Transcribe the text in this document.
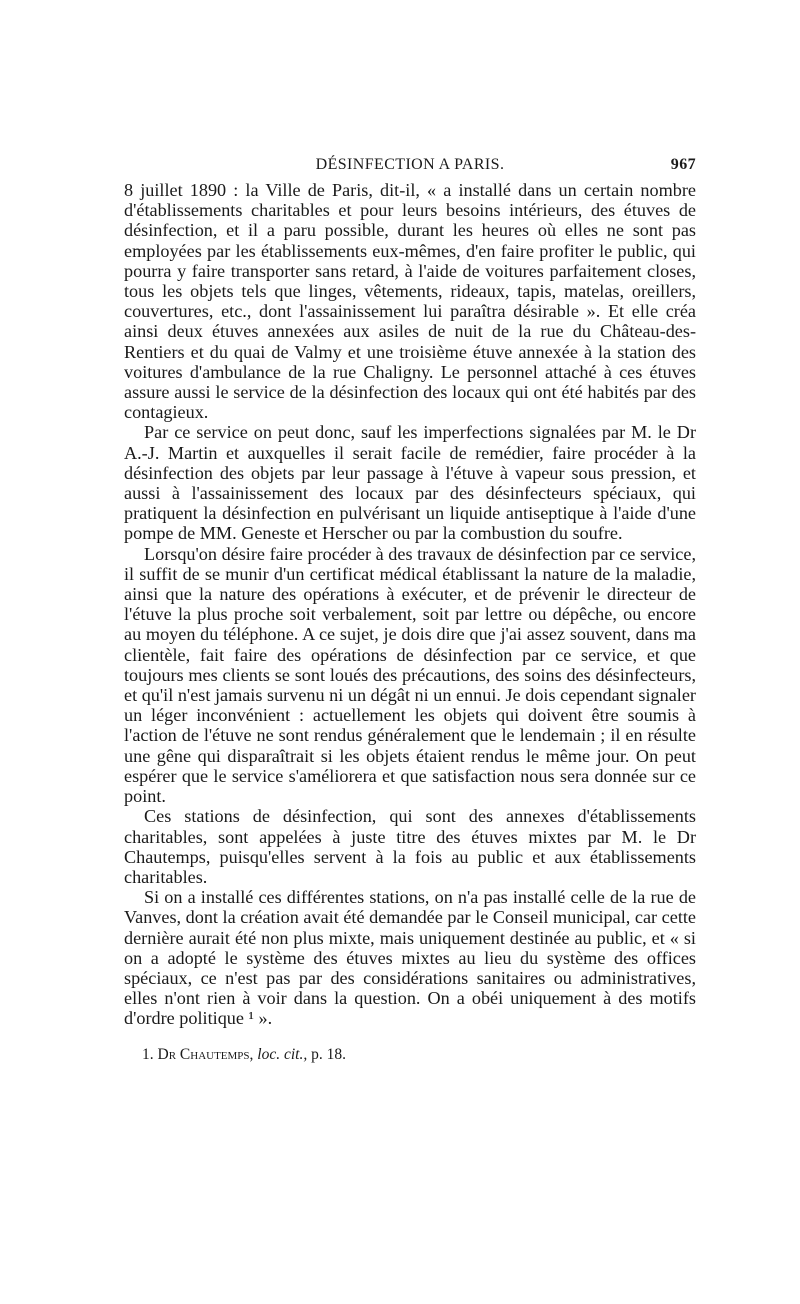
DÉSINFECTION A PARIS.	967

8 juillet 1890 : la Ville de Paris, dit-il, « a installé dans un certain nombre d'établissements charitables et pour leurs besoins intérieurs, des étuves de désinfection, et il a paru possible, durant les heures où elles ne sont pas employées par les établissements eux-mêmes, d'en faire profiter le public, qui pourra y faire transporter sans retard, à l'aide de voitures parfaitement closes, tous les objets tels que linges, vêtements, rideaux, tapis, matelas, oreillers, couvertures, etc., dont l'assainissement lui paraîtra désirable ». Et elle créa ainsi deux étuves annexées aux asiles de nuit de la rue du Château-des-Rentiers et du quai de Valmy et une troisième étuve annexée à la station des voitures d'ambulance de la rue Chaligny. Le personnel attaché à ces étuves assure aussi le service de la désinfection des locaux qui ont été habités par des contagieux.

Par ce service on peut donc, sauf les imperfections signalées par M. le Dr A.-J. Martin et auxquelles il serait facile de remédier, faire procéder à la désinfection des objets par leur passage à l'étuve à vapeur sous pression, et aussi à l'assainissement des locaux par des désinfecteurs spéciaux, qui pratiquent la désinfection en pulvérisant un liquide antiseptique à l'aide d'une pompe de MM. Geneste et Herscher ou par la combustion du soufre.

Lorsqu'on désire faire procéder à des travaux de désinfection par ce service, il suffit de se munir d'un certificat médical établissant la nature de la maladie, ainsi que la nature des opérations à exécuter, et de prévenir le directeur de l'étuve la plus proche soit verbalement, soit par lettre ou dépêche, ou encore au moyen du téléphone. A ce sujet, je dois dire que j'ai assez souvent, dans ma clientèle, fait faire des opérations de désinfection par ce service, et que toujours mes clients se sont loués des précautions, des soins des désinfecteurs, et qu'il n'est jamais survenu ni un dégât ni un ennui. Je dois cependant signaler un léger inconvénient : actuellement les objets qui doivent être soumis à l'action de l'étuve ne sont rendus généralement que le lendemain ; il en résulte une gêne qui disparaîtrait si les objets étaient rendus le même jour. On peut espérer que le service s'améliorera et que satisfaction nous sera donnée sur ce point.

Ces stations de désinfection, qui sont des annexes d'établissements charitables, sont appelées à juste titre des étuves mixtes par M. le Dr Chautemps, puisqu'elles servent à la fois au public et aux établissements charitables.

Si on a installé ces différentes stations, on n'a pas installé celle de la rue de Vanves, dont la création avait été demandée par le Conseil municipal, car cette dernière aurait été non plus mixte, mais uniquement destinée au public, et « si on a adopté le système des étuves mixtes au lieu du système des offices spéciaux, ce n'est pas par des considérations sanitaires ou administratives, elles n'ont rien à voir dans la question. On a obéi uniquement à des motifs d'ordre politique ¹ ».

1. Dr Chautemps, loc. cit., p. 18.
